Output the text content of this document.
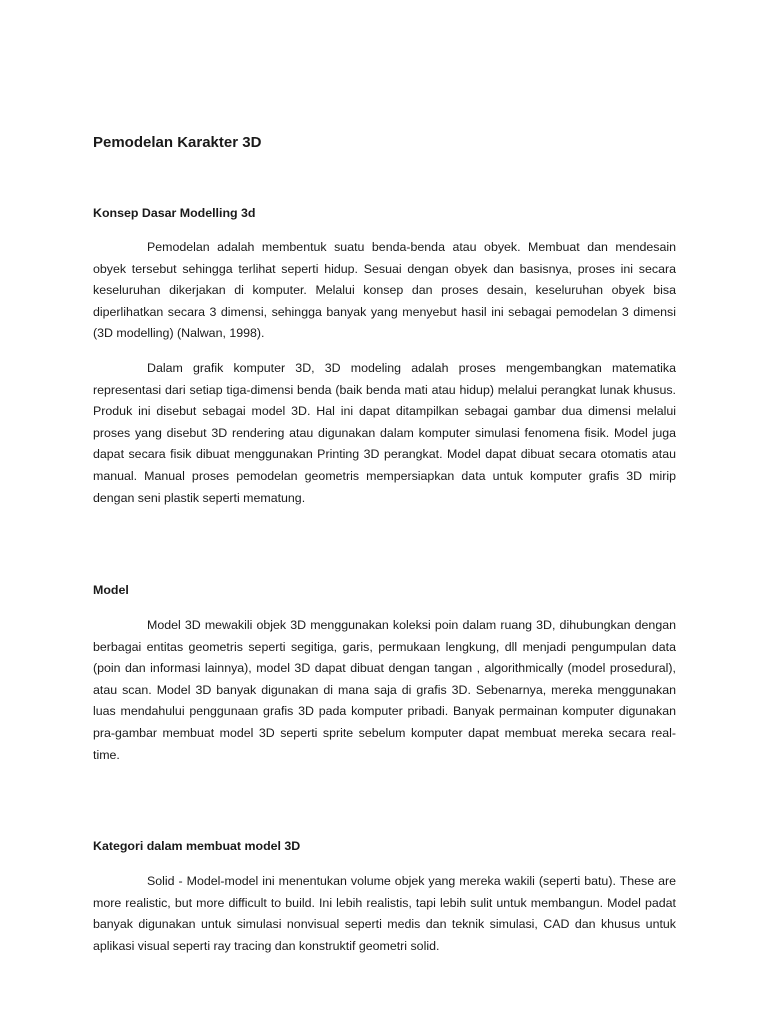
Pemodelan Karakter 3D
Konsep Dasar Modelling 3d

Pemodelan adalah membentuk suatu benda-benda atau obyek. Membuat dan mendesain obyek tersebut sehingga terlihat seperti hidup. Sesuai dengan obyek dan basisnya, proses ini secara keseluruhan dikerjakan di komputer. Melalui konsep dan proses desain, keseluruhan obyek bisa diperlihatkan secara 3 dimensi, sehingga banyak yang menyebut hasil ini sebagai pemodelan 3 dimensi (3D modelling) (Nalwan, 1998).

Dalam grafik komputer 3D, 3D modeling adalah proses mengembangkan matematika representasi dari setiap tiga-dimensi benda (baik benda mati atau hidup) melalui perangkat lunak khusus. Produk ini disebut sebagai model 3D. Hal ini dapat ditampilkan sebagai gambar dua dimensi melalui proses yang disebut 3D rendering atau digunakan dalam komputer simulasi fenomena fisik. Model juga dapat secara fisik dibuat menggunakan Printing 3D perangkat. Model dapat dibuat secara otomatis atau manual. Manual proses pemodelan geometris mempersiapkan data untuk komputer grafis 3D mirip dengan seni plastik seperti mematung.

Model

Model 3D mewakili objek 3D menggunakan koleksi poin dalam ruang 3D, dihubungkan dengan berbagai entitas geometris seperti segitiga, garis, permukaan lengkung, dll menjadi pengumpulan data (poin dan informasi lainnya), model 3D dapat dibuat dengan tangan , algorithmically (model prosedural), atau scan. Model 3D banyak digunakan di mana saja di grafis 3D. Sebenarnya, mereka menggunakan luas mendahului penggunaan grafis 3D pada komputer pribadi. Banyak permainan komputer digunakan pra-gambar membuat model 3D seperti sprite sebelum komputer dapat membuat mereka secara real-time.

Kategori dalam membuat model 3D

Solid - Model-model ini menentukan volume objek yang mereka wakili (seperti batu). These are more realistic, but more difficult to build. Ini lebih realistis, tapi lebih sulit untuk membangun. Model padat banyak digunakan untuk simulasi nonvisual seperti medis dan teknik simulasi, CAD dan khusus untuk aplikasi visual seperti ray tracing dan konstruktif geometri solid.
